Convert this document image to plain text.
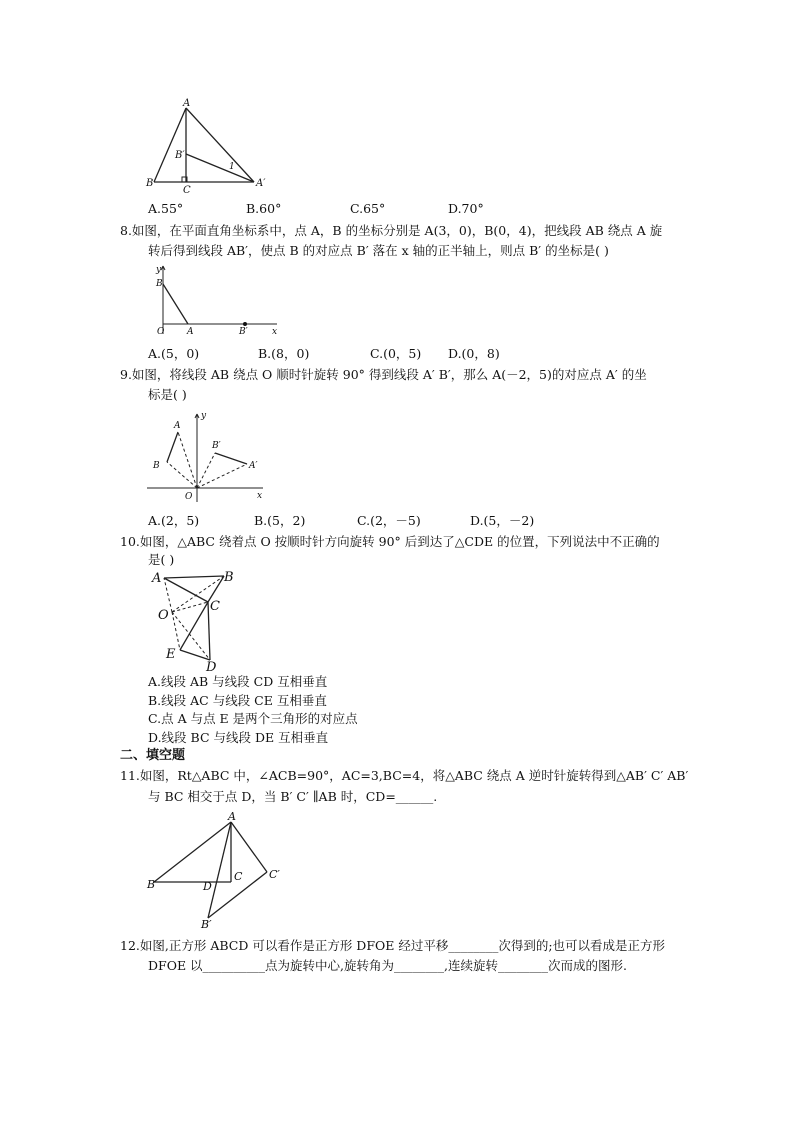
A
B
B′
C
A′
1
A.55°	B.60°	C.65°	D.70°
8.如图，在平面直角坐标系中，点 A，B 的坐标分别是 A(3，0)，B(0，4)，把线段 AB 绕点 A 旋
转后得到线段 AB′，使点 B 的对应点 B′ 落在 x 轴的正半轴上，则点 B′ 的坐标是( )
y
B
O	A	B′	x
A.(5，0)	B.(8，0)	C.(0，5) D.(0，8)
9.如图，将线段 AB 绕点 O 顺时针旋转 90° 得到线段 A′ B′，那么 A(－2，5)的对应点 A′ 的坐
标是( )
y
A
B
B′
A′
O	x
A.(2，5)	B.(5，2)	C.(2，－5)	D.(5，－2)
10.如图，△ABC 绕着点 O 按顺时针方向旋转 90° 后到达了△CDE 的位置，下列说法中不正确的
是( )
A	B
O
C
E
D
A.线段 AB 与线段 CD 互相垂直
B.线段 AC 与线段 CE 互相垂直
C.点 A 与点 E 是两个三角形的对应点
D.线段 BC 与线段 DE 互相垂直
二、填空题
11.如图，Rt△ABC 中，∠ACB=90°，AC=3,BC=4，将△ABC 绕点 A 逆时针旋转得到△AB′ C′ AB′
与 BC 相交于点 D，当 B′ C′ ∥AB 时，CD=______.
A
B	D
C C′
B′
12.如图,正方形 ABCD 可以看作是正方形 DFOE 经过平移________次得到的;也可以看成是正方形
DFOE 以__________点为旋转中心,旋转角为________,连续旋转________次而成的图形.
